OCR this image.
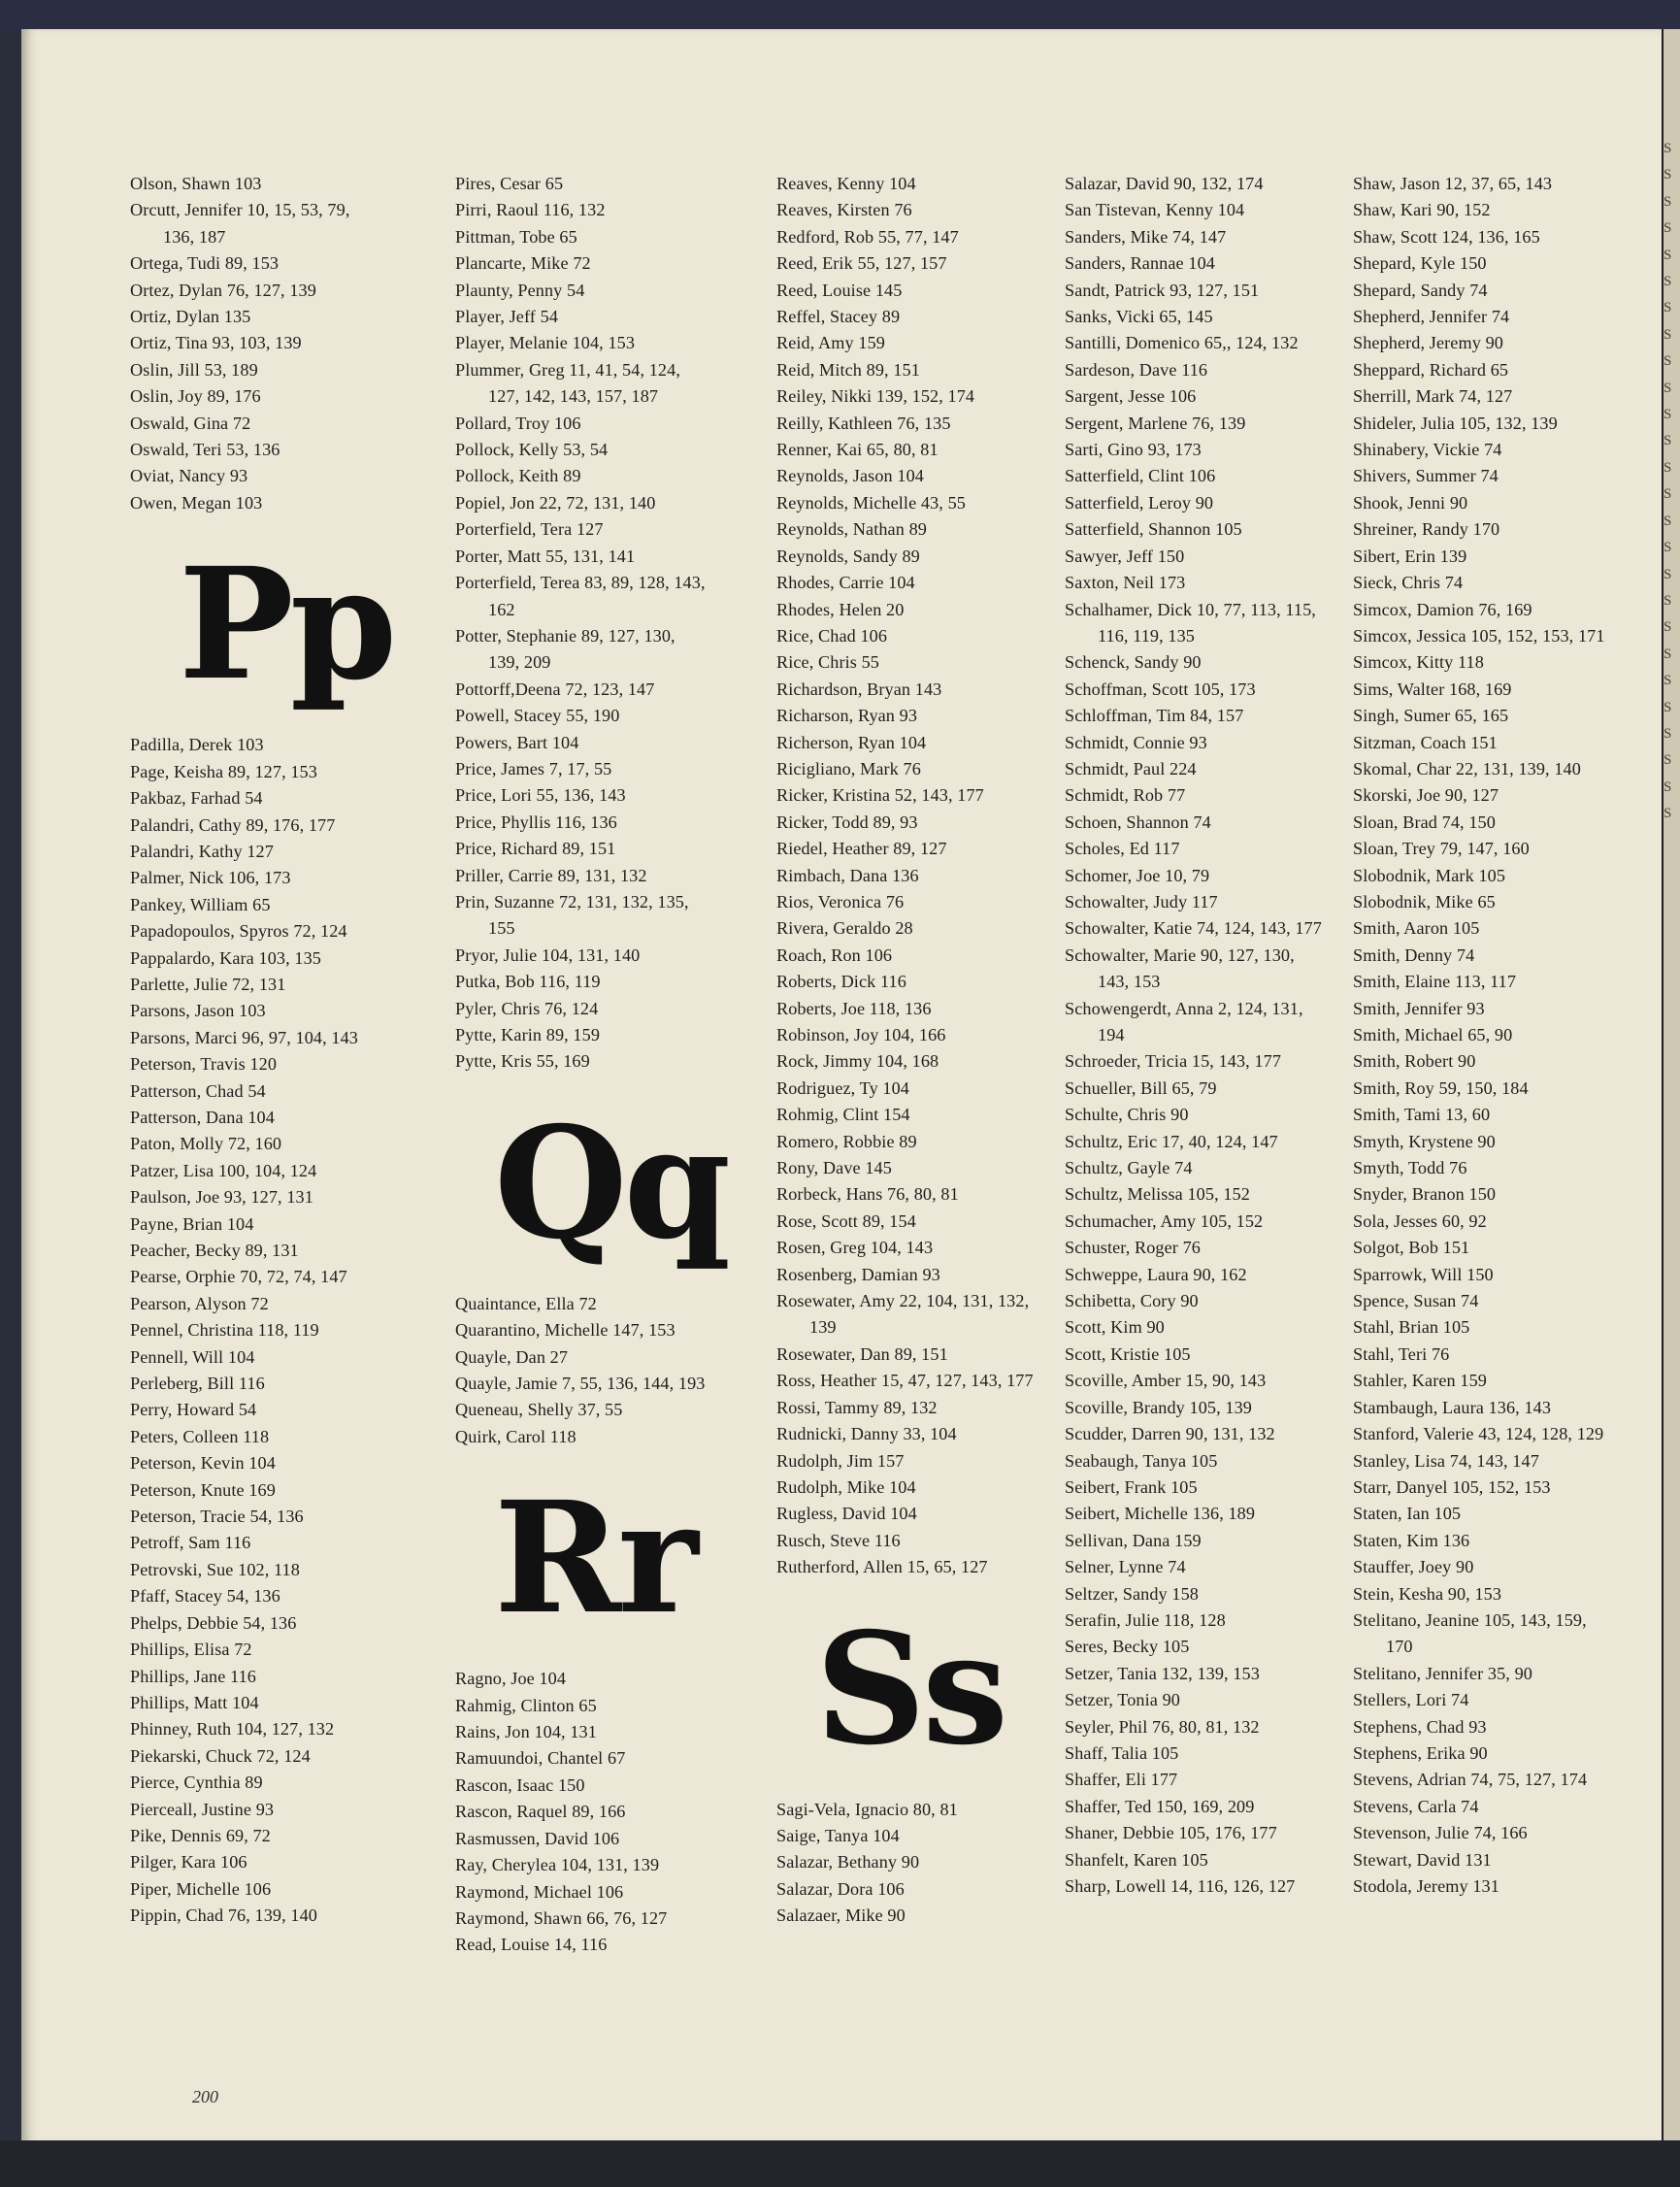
Olson, Shawn 103
Orcutt, Jennifer 10, 15, 53, 79,
136, 187
Ortega, Tudi 89, 153
Ortez, Dylan 76, 127, 139
Ortiz, Dylan 135
Ortiz, Tina 93, 103, 139
Oslin, Jill 53, 189
Oslin, Joy 89, 176
Oswald, Gina 72
Oswald, Teri 53, 136
Oviat, Nancy 93
Owen, Megan 103
Pp
Padilla, Derek 103
Page, Keisha 89, 127, 153
Pakbaz, Farhad 54
Palandri, Cathy 89, 176, 177
Palandri, Kathy 127
Palmer, Nick 106, 173
Pankey, William 65
Papadopoulos, Spyros 72, 124
Pappalardo, Kara 103, 135
Parlette, Julie 72, 131
Parsons, Jason 103
Parsons, Marci 96, 97, 104, 143
Peterson, Travis 120
Patterson, Chad 54
Patterson, Dana 104
Paton, Molly 72, 160
Patzer, Lisa 100, 104, 124
Paulson, Joe 93, 127, 131
Payne, Brian 104
Peacher, Becky 89, 131
Pearse, Orphie 70, 72, 74, 147
Pearson, Alyson 72
Pennel, Christina 118, 119
Pennell, Will 104
Perleberg, Bill 116
Perry, Howard 54
Peters, Colleen 118
Peterson, Kevin 104
Peterson, Knute 169
Peterson, Tracie 54, 136
Petroff, Sam 116
Petrovski, Sue 102, 118
Pfaff, Stacey 54, 136
Phelps, Debbie 54, 136
Phillips, Elisa 72
Phillips, Jane 116
Phillips, Matt 104
Phinney, Ruth 104, 127, 132
Piekarski, Chuck 72, 124
Pierce, Cynthia 89
Pierceall, Justine 93
Pike, Dennis 69, 72
Pilger, Kara 106
Piper, Michelle 106
Pippin, Chad 76, 139, 140
Pires, Cesar 65
Pirri, Raoul 116, 132
Pittman, Tobe 65
Plancarte, Mike 72
Plaunty, Penny 54
Player, Jeff 54
Player, Melanie 104, 153
Plummer, Greg 11, 41, 54, 124,
127, 142, 143, 157, 187
Pollard, Troy 106
Pollock, Kelly 53, 54
Pollock, Keith 89
Popiel, Jon 22, 72, 131, 140
Porterfield, Tera 127
Porter, Matt 55, 131, 141
Porterfield, Terea 83, 89, 128, 143,
162
Potter, Stephanie 89, 127, 130,
139, 209
Pottorff,Deena 72, 123, 147
Powell, Stacey 55, 190
Powers, Bart 104
Price, James 7, 17, 55
Price, Lori 55, 136, 143
Price, Phyllis 116, 136
Price, Richard 89, 151
Priller, Carrie 89, 131, 132
Prin, Suzanne 72, 131, 132, 135,
155
Pryor, Julie 104, 131, 140
Putka, Bob 116, 119
Pyler, Chris 76, 124
Pytte, Karin 89, 159
Pytte, Kris 55, 169
Qq
Quaintance, Ella 72
Quarantino, Michelle 147, 153
Quayle, Dan 27
Quayle, Jamie 7, 55, 136, 144, 193
Queneau, Shelly 37, 55
Quirk, Carol 118
Rr
Ragno, Joe 104
Rahmig, Clinton 65
Rains, Jon 104, 131
Ramuundoi, Chantel 67
Rascon, Isaac 150
Rascon, Raquel 89, 166
Rasmussen, David 106
Ray, Cherylea 104, 131, 139
Raymond, Michael 106
Raymond, Shawn 66, 76, 127
Read, Louise 14, 116
Reaves, Kenny 104
Reaves, Kirsten 76
Redford, Rob 55, 77, 147
Reed, Erik 55, 127, 157
Reed, Louise 145
Reffel, Stacey 89
Reid, Amy 159
Reid, Mitch 89, 151
Reiley, Nikki 139, 152, 174
Reilly, Kathleen 76, 135
Renner, Kai 65, 80, 81
Reynolds, Jason 104
Reynolds, Michelle 43, 55
Reynolds, Nathan 89
Reynolds, Sandy 89
Rhodes, Carrie 104
Rhodes, Helen 20
Rice, Chad 106
Rice, Chris 55
Richardson, Bryan 143
Richarson, Ryan 93
Richerson, Ryan 104
Ricigliano, Mark 76
Ricker, Kristina 52, 143, 177
Ricker, Todd 89, 93
Riedel, Heather 89, 127
Rimbach, Dana 136
Rios, Veronica 76
Rivera, Geraldo 28
Roach, Ron 106
Roberts, Dick 116
Roberts, Joe 118, 136
Robinson, Joy 104, 166
Rock, Jimmy 104, 168
Rodriguez, Ty 104
Rohmig, Clint 154
Romero, Robbie 89
Rony, Dave 145
Rorbeck, Hans 76, 80, 81
Rose, Scott 89, 154
Rosen, Greg 104, 143
Rosenberg, Damian 93
Rosewater, Amy 22, 104, 131, 132,
139
Rosewater, Dan 89, 151
Ross, Heather 15, 47, 127, 143, 177
Rossi, Tammy 89, 132
Rudnicki, Danny 33, 104
Rudolph, Jim 157
Rudolph, Mike 104
Rugless, David 104
Rusch, Steve 116
Rutherford, Allen 15, 65, 127
Ss
Sagi-Vela, Ignacio 80, 81
Saige, Tanya 104
Salazar, Bethany 90
Salazar, Dora 106
Salazaer, Mike 90
Salazar, David 90, 132, 174
San Tistevan, Kenny 104
Sanders, Mike 74, 147
Sanders, Rannae 104
Sandt, Patrick 93, 127, 151
Sanks, Vicki 65, 145
Santilli, Domenico 65,, 124, 132
Sardeson, Dave 116
Sargent, Jesse 106
Sergent, Marlene 76, 139
Sarti, Gino 93, 173
Satterfield, Clint 106
Satterfield, Leroy 90
Satterfield, Shannon 105
Sawyer, Jeff 150
Saxton, Neil 173
Schalhamer, Dick 10, 77, 113, 115,
116, 119, 135
Schenck, Sandy 90
Schoffman, Scott 105, 173
Schloffman, Tim 84, 157
Schmidt, Connie 93
Schmidt, Paul 224
Schmidt, Rob 77
Schoen, Shannon 74
Scholes, Ed 117
Schomer, Joe 10, 79
Schowalter, Judy 117
Schowalter, Katie 74, 124, 143, 177
Schowalter, Marie 90, 127, 130,
143, 153
Schowengerdt, Anna 2, 124, 131,
194
Schroeder, Tricia 15, 143, 177
Schueller, Bill 65, 79
Schulte, Chris 90
Schultz, Eric 17, 40, 124, 147
Schultz, Gayle 74
Schultz, Melissa 105, 152
Schumacher, Amy 105, 152
Schuster, Roger 76
Schweppe, Laura 90, 162
Schibetta, Cory 90
Scott, Kim 90
Scott, Kristie 105
Scoville, Amber 15, 90, 143
Scoville, Brandy 105, 139
Scudder, Darren 90, 131, 132
Seabaugh, Tanya 105
Seibert, Frank 105
Seibert, Michelle 136, 189
Sellivan, Dana 159
Selner, Lynne 74
Seltzer, Sandy 158
Serafin, Julie 118, 128
Seres, Becky 105
Setzer, Tania 132, 139, 153
Setzer, Tonia 90
Seyler, Phil 76, 80, 81, 132
Shaff, Talia 105
Shaffer, Eli 177
Shaffer, Ted 150, 169, 209
Shaner, Debbie 105, 176, 177
Shanfelt, Karen 105
Sharp, Lowell 14, 116, 126, 127
Shaw, Jason 12, 37, 65, 143
Shaw, Kari 90, 152
Shaw, Scott 124, 136, 165
Shepard, Kyle 150
Shepard, Sandy 74
Shepherd, Jennifer 74
Shepherd, Jeremy 90
Sheppard, Richard 65
Sherrill, Mark 74, 127
Shideler, Julia 105, 132, 139
Shinabery, Vickie 74
Shivers, Summer 74
Shook, Jenni 90
Shreiner, Randy 170
Sibert, Erin 139
Sieck, Chris 74
Simcox, Damion 76, 169
Simcox, Jessica 105, 152, 153, 171
Simcox, Kitty 118
Sims, Walter 168, 169
Singh, Sumer 65, 165
Sitzman, Coach 151
Skomal, Char 22, 131, 139, 140
Skorski, Joe 90, 127
Sloan, Brad 74, 150
Sloan, Trey 79, 147, 160
Slobodnik, Mark 105
Slobodnik, Mike 65
Smith, Aaron 105
Smith, Denny 74
Smith, Elaine 113, 117
Smith, Jennifer 93
Smith, Michael 65, 90
Smith, Robert 90
Smith, Roy 59, 150, 184
Smith, Tami 13, 60
Smyth, Krystene 90
Smyth, Todd 76
Snyder, Branon 150
Sola, Jesses 60, 92
Solgot, Bob 151
Sparrowk, Will 150
Spence, Susan 74
Stahl, Brian 105
Stahl, Teri 76
Stahler, Karen 159
Stambaugh, Laura 136, 143
Stanford, Valerie 43, 124, 128, 129
Stanley, Lisa 74, 143, 147
Starr, Danyel 105, 152, 153
Staten, Ian 105
Staten, Kim 136
Stauffer, Joey 90
Stein, Kesha 90, 153
Stelitano, Jeanine 105, 143, 159,
170
Stelitano, Jennifer 35, 90
Stellers, Lori 74
Stephens, Chad 93
Stephens, Erika 90
Stevens, Adrian 74, 75, 127, 174
Stevens, Carla 74
Stevenson, Julie 74, 166
Stewart, David 131
Stodola, Jeremy 131
200
S
S
S
S
S
S
S
S
S
S
S
S
S
S
S
S
S
S
S
S
S
S
S
S
S
S
